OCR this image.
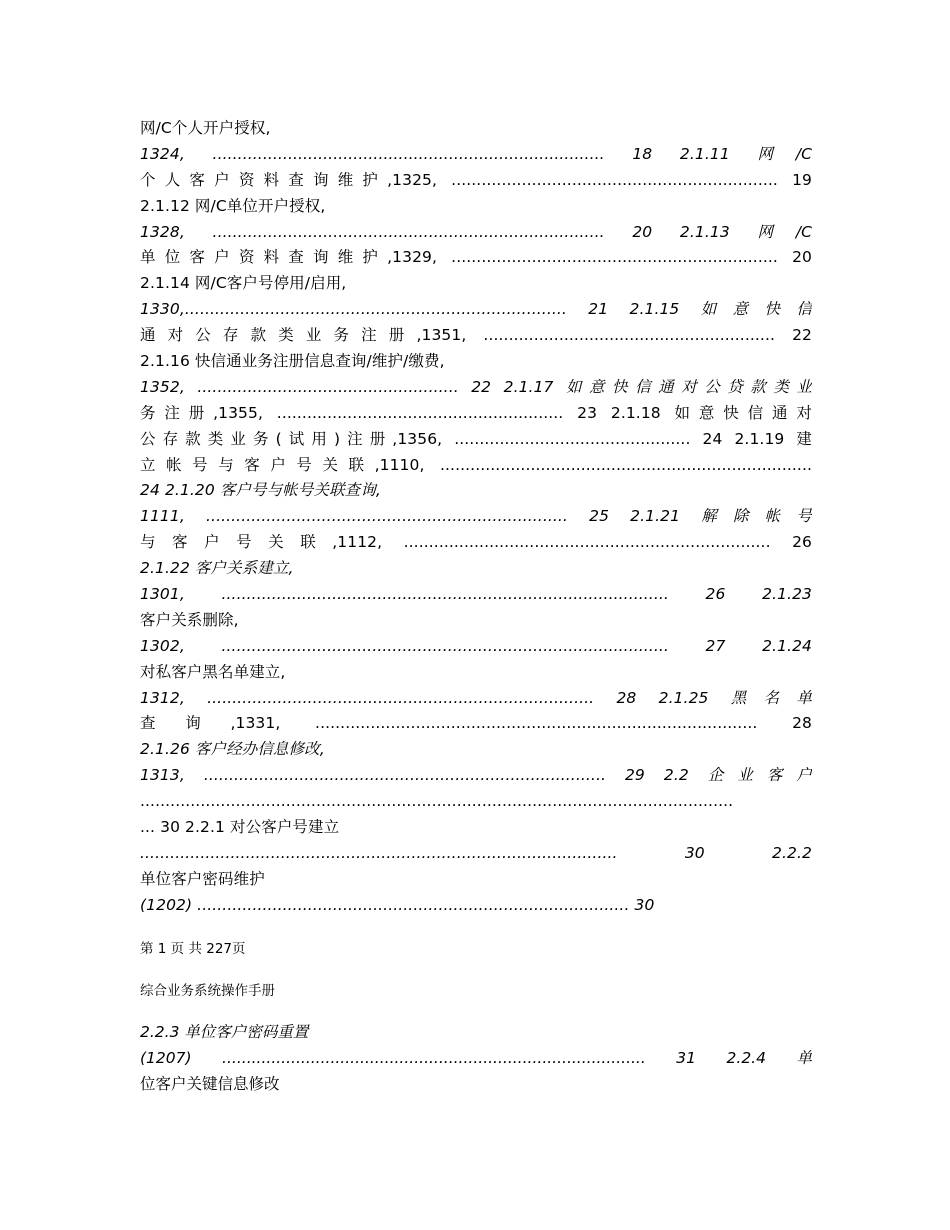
网/C个人开户授权,
1324, .............................................................................. 18 2.1.11 网/C
个人客户资料查询维护,1325, ................................................................. 19
2.1.12 网/C单位开户授权,
1328, .............................................................................. 20 2.1.13 网/C
单位客户资料查询维护,1329, ................................................................. 20
2.1.14 网/C客户号停用/启用,
1330,............................................................................ 21 2.1.15 如意快信
通对公存款类业务注册,1351, .......................................................... 22
2.1.16 快信通业务注册信息查询/维护/缴费,
1352, .................................................... 22 2.1.17 如意快信通对公贷款类业
务注册,1355, ......................................................... 23 2.1.18 如意快信通对
公存款类业务(试用)注册,1356, ............................................... 24 2.1.19 建
立帐号与客户号关联,1110, ..........................................................................
24 2.1.20 客户号与帐号关联查询,
1111, ........................................................................ 25 2.1.21 解除帐号
与客户号关联,1112, ......................................................................... 26
2.1.22 客户关系建立,
1301, ......................................................................................... 26 2.1.23
客户关系删除,
1302, ......................................................................................... 27 2.1.24
对私客户黑名单建立,
1312, ............................................................................. 28 2.1.25 黑名单
查询,1331, ........................................................................................ 28
2.1.26 客户经办信息修改,
1313, ................................................................................ 29 2.2 企业客户
......................................................................................................................
... 30 2.2.1 对公客户号建立
............................................................................................... 30 2.2.2
单位客户密码维护
(1202) ...................................................................................... 30
第 1 页 共 227页
综合业务系统操作手册
2.2.3 单位客户密码重置
(1207) ...................................................................................... 31 2.2.4 单
位客户关键信息修改
